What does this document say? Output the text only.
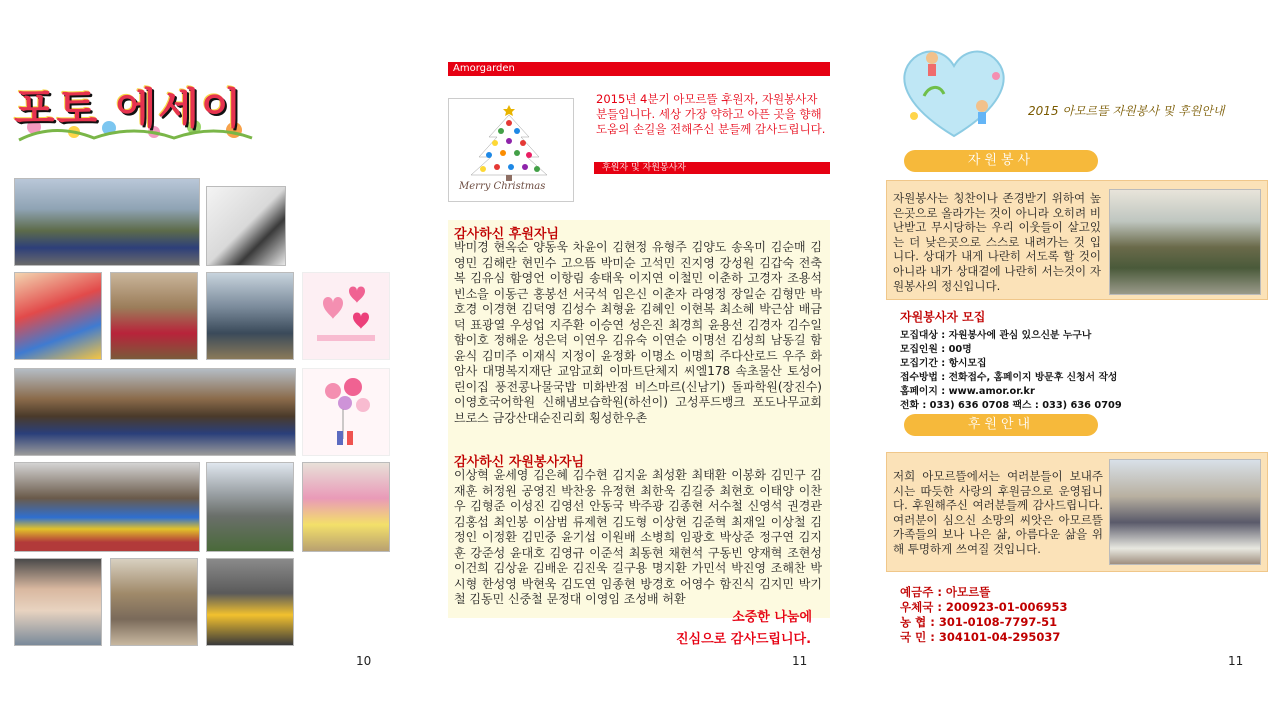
포토 에세이
10
Amorgarden
Merry Christmas
2015년 4분기 아모르뜰 후원자, 자원봉사자 분들입니다. 세상 가장 약하고 아픈 곳을 향해 도움의 손길을 전해주신 분들께 감사드립니다.
후원자 및 자원봉사자
감사하신 후원자님
박미경 현옥순 양동욱 차윤이 김현정 유형주 김양도 송옥미 김순매 김영민 김해란 현민수 고으뜸 박미순 고석민 진지영 강성원 김갑숙 전축복 김유심 함영언 이항림 송태욱 이지연 이철민 이춘하 고경자 조용석 빈소을 이동근 홍봉선 서국석 임은신 이춘자 라영정 장일순 김형만 박호경 이경현 김덕영 김성수 최형윤 김혜인 이현복 최소혜 박근삼 배금덕 표광열 우성업 지주환 이승연 성은진 최경희 윤용선 김경자 김수일 함이호 정해운 성은덕 이연우 김유숙 이연순 이명선 김성희 남동길 함윤식 김미주 이재식 지정이 윤정화 이명소 이명희 주다산로드 우주 화암사 대명복지재단 교암교회 이마트단체지 씨엘178 속초물산 토성어린이집 풍전콩나물국밥 미화반점 비스마르(신남기) 돌파학원(장진수) 이영호국어학원 신해냄보습학원(하선이) 고성푸드뱅크 포도나무교회 브로스 금강산대순진리회 횡성한우촌
감사하신 자원봉사자님
이상혁 윤세영 김은혜 김수현 김지윤 최성환 최태환 이봉화 김민구 김재훈 허정원 공영진 박찬웅 유정현 최한욱 김길중 최현호 이태양 이찬우 김형준 이성진 김영선 안동국 박주광 김종현 서수철 신영석 권경관 김홍섭 최인봉 이삼범 류제현 김도형 이상현 김준혁 최재일 이상철 김정인 이정환 김민중 윤기섭 이원배 소병희 임광호 박상준 정구연 김지훈 강준성 윤대호 김영규 이준석 최동현 채현석 구동빈 양재혁 조현성 이건희 김상윤 김배운 김진욱 길구용 명지환 가민석 박진영 조해찬 박시형 한성영 박현욱 김도연 임종현 방경호 어영수 함진식 김지민 박기철 김동민 신중철 문정대 이영임 조성배 허환
소중한 나눔에
진심으로 감사드립니다.
11
2015 아모르뜰 자원봉사 및 후원안내
자원봉사
자원봉사는 칭찬이나 존경받기 위하여 높은곳으로 올라가는 것이 아니라 오히려 비난받고 무시당하는 우리 이웃들이 살고있는 더 낮은곳으로 스스로 내려가는 것 입니다. 상대가 내게 나란히 서도록 할 것이 아니라 내가 상대곁에 나란히 서는것이 자원봉사의 정신입니다.
자원봉사자 모집
모집대상 : 자원봉사에 관심 있으신분 누구나
모집인원 : 00명
모집기간 : 항시모집
접수방법 : 전화접수, 홈페이지 방문후 신청서 작성
홈페이지 : www.amor.or.kr
전화 : 033) 636 0708 팩스 : 033) 636 0709
후원안내
저희 아모르뜰에서는 여러분들이 보내주시는 따듯한 사랑의 후원금으로 운영됩니다. 후원해주신 여러분들께 감사드립니다. 여러분이 심으신 소망의 씨앗은 아모르뜰 가족들의 보나 나은 삶, 아름다운 삶을 위해 투명하게 쓰여질 것입니다.
예금주 : 아모르뜰
우체국 : 200923-01-006953
농 협 : 301-0108-7797-51
국 민 : 304101-04-295037
11
